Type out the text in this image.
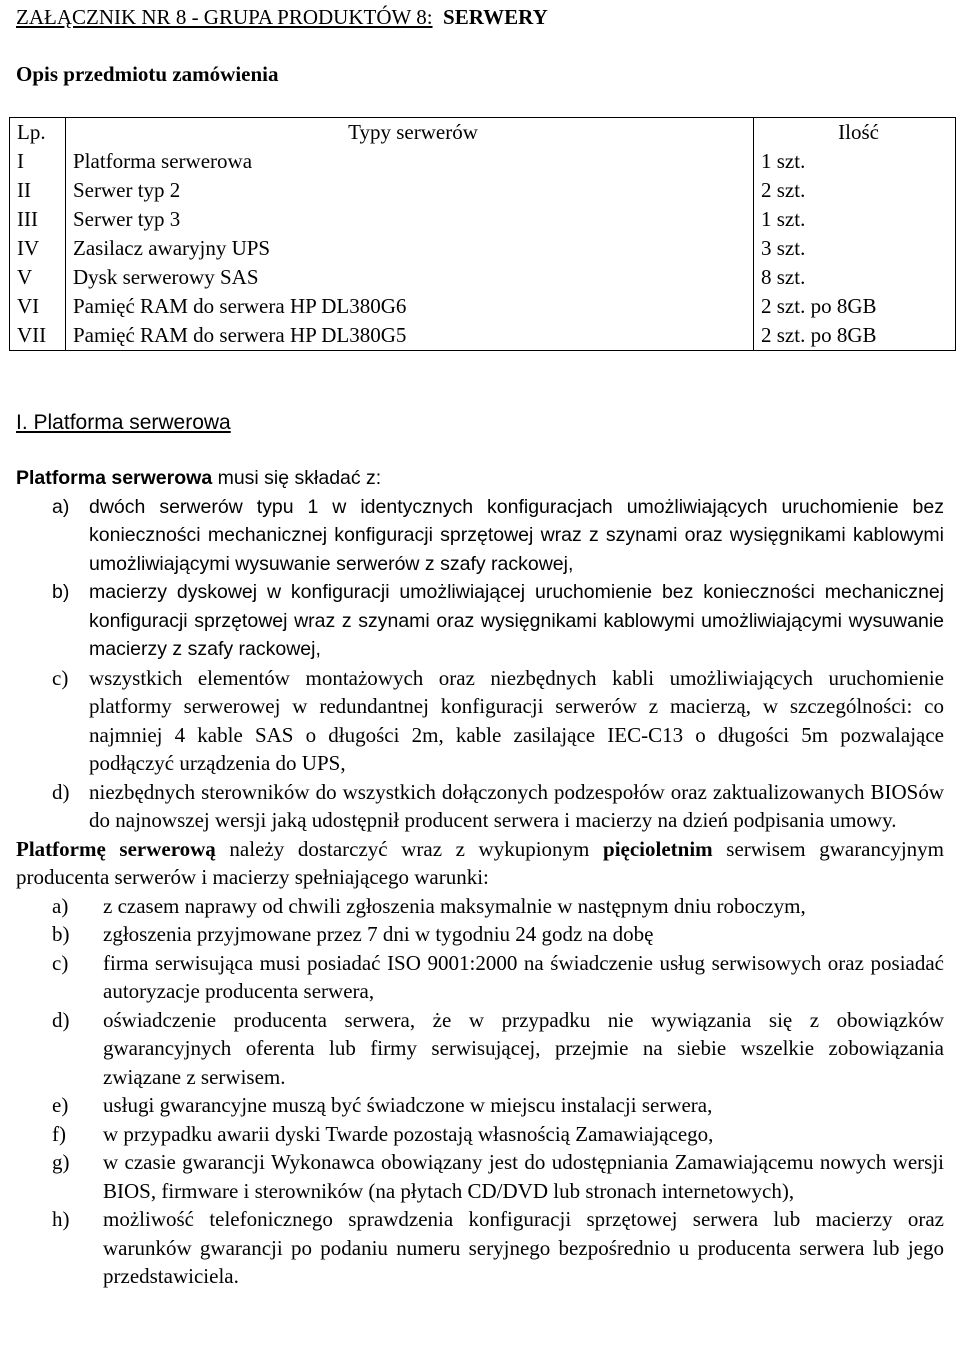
ZAŁĄCZNIK NR 8 - GRUPA PRODUKTÓW 8: SERWERY
Opis przedmiotu zamówienia
Lp.	Typy serwerów	Ilość
I	Platforma serwerowa	1 szt.
II	Serwer typ 2	2 szt.
III	Serwer typ 3	1 szt.
IV	Zasilacz awaryjny UPS	3 szt.
V	Dysk serwerowy SAS	8 szt.
VI	Pamięć RAM do serwera HP DL380G6	2 szt. po 8GB
VII	Pamięć RAM do serwera HP DL380G5	2 szt. po 8GB
I. Platforma serwerowa
Platforma serwerowa musi się składać z:
a) dwóch serwerów typu 1 w identycznych konfiguracjach umożliwiających uruchomienie bez konieczności mechanicznej konfiguracji sprzętowej wraz z szynami oraz wysięgnikami kablowymi umożliwiającymi wysuwanie serwerów z szafy rackowej,
b) macierzy dyskowej w konfiguracji umożliwiającej uruchomienie bez konieczności mechanicznej konfiguracji sprzętowej wraz z szynami oraz wysięgnikami kablowymi umożliwiającymi wysuwanie macierzy z szafy rackowej,
c) wszystkich elementów montażowych oraz niezbędnych kabli umożliwiających uruchomienie platformy serwerowej w redundantnej konfiguracji serwerów z macierzą, w szczególności: co najmniej 4 kable SAS o długości 2m, kable zasilające IEC-C13 o długości 5m pozwalające podłączyć urządzenia do UPS,
d) niezbędnych sterowników do wszystkich dołączonych podzespołów oraz zaktualizowanych BIOSów do najnowszej wersji jaką udostępnił producent serwera i macierzy na dzień podpisania umowy.

Platformę serwerową należy dostarczyć wraz z wykupionym pięcioletnim serwisem gwarancyjnym producenta serwerów i macierzy spełniającego warunki:

a) z czasem naprawy od chwili zgłoszenia maksymalnie w następnym dniu roboczym,
b) zgłoszenia przyjmowane przez 7 dni w tygodniu 24 godz na dobę
c) firma serwisująca musi posiadać ISO 9001:2000 na świadczenie usług serwisowych oraz posiadać autoryzacje producenta serwera,
d) oświadczenie producenta serwera, że w przypadku nie wywiązania się z obowiązków gwarancyjnych oferenta lub firmy serwisującej, przejmie na siebie wszelkie zobowiązania związane z serwisem.
e) usługi gwarancyjne muszą być świadczone w miejscu instalacji serwera,
f) w przypadku awarii dyski Twarde pozostają własnością Zamawiającego,
g) w czasie gwarancji Wykonawca obowiązany jest do udostępniania Zamawiającemu nowych wersji BIOS, firmware i sterowników (na płytach CD/DVD lub stronach internetowych),
h) możliwość telefonicznego sprawdzenia konfiguracji sprzętowej serwera lub macierzy oraz warunków gwarancji po podaniu numeru seryjnego bezpośrednio u producenta serwera lub jego przedstawiciela.
